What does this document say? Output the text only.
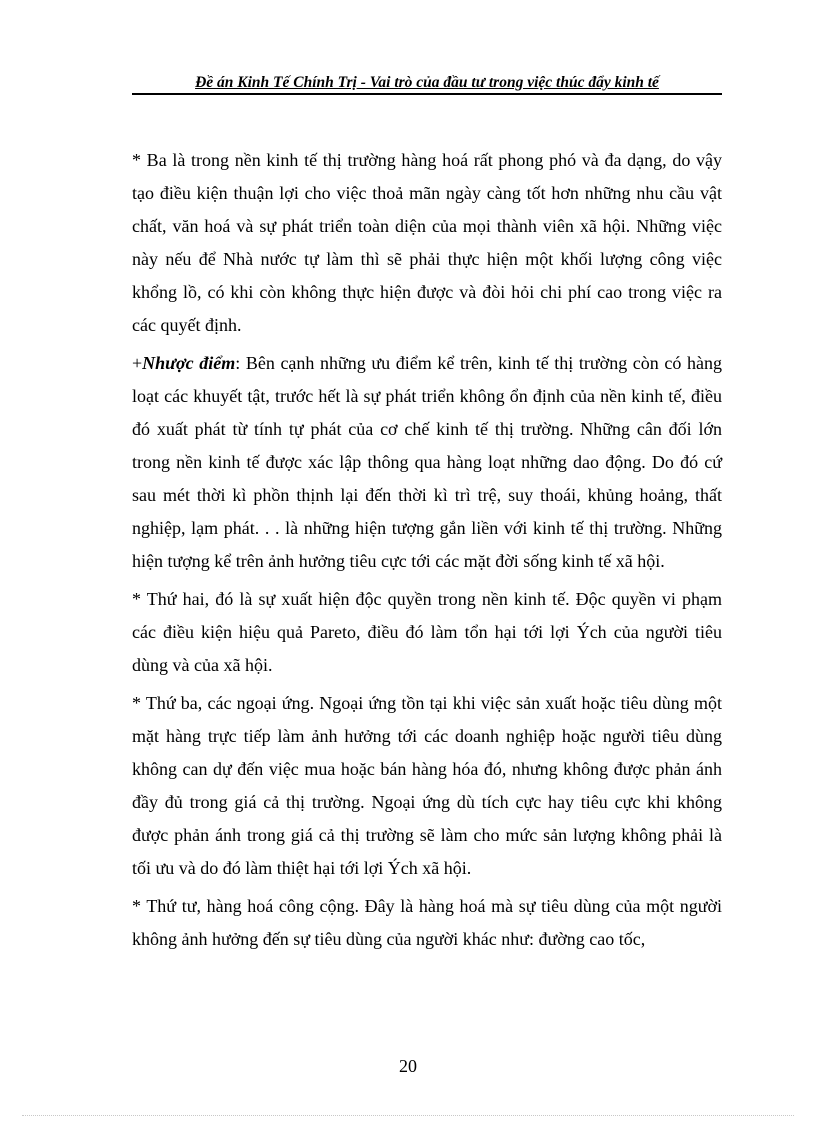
Đề án Kinh Tế Chính Trị - Vai trò của đầu tư trong việc thúc đẩy kinh tế

* Ba là trong nền kinh tế thị trường hàng hoá rất phong phó và đa dạng, do vậy tạo điều kiện thuận lợi cho việc thoả mãn ngày càng tốt hơn những nhu cầu vật chất, văn hoá và sự phát triển toàn diện của mọi thành viên xã hội. Những việc này nếu để Nhà nước tự làm thì sẽ phải thực hiện một khối lượng công việc khổng lồ, có khi còn không thực hiện được và đòi hỏi chi phí cao trong việc ra các quyết định.

+Nhược điểm: Bên cạnh những ưu điểm kể trên, kinh tế thị trường còn có hàng loạt các khuyết tật, trước hết là sự phát triển không ổn định của nền kinh tế, điều đó xuất phát từ tính tự phát của cơ chế kinh tế thị trường. Những cân đối lớn trong nền kinh tế được xác lập thông qua hàng loạt những dao động. Do đó cứ sau mét thời kì phồn thịnh lại đến thời kì trì trệ, suy thoái, khủng hoảng, thất nghiệp, lạm phát. . . là những hiện tượng gắn liền với kinh tế thị trường. Những hiện tượng kể trên ảnh hưởng tiêu cực tới các mặt đời sống kinh tế xã hội.

* Thứ hai, đó là sự xuất hiện độc quyền trong nền kinh tế. Độc quyền vi phạm các điều kiện hiệu quả Pareto, điều đó làm tổn hại tới lợi Ých của người tiêu dùng và của xã hội.

* Thứ ba, các ngoại ứng. Ngoại ứng tồn tại khi việc sản xuất hoặc tiêu dùng một mặt hàng trực tiếp làm ảnh hưởng tới các doanh nghiệp hoặc người tiêu dùng không can dự đến việc mua hoặc bán hàng hóa đó, nhưng không được phản ánh đầy đủ trong giá cả thị trường. Ngoại ứng dù tích cực hay tiêu cực khi không được phản ánh trong giá cả thị trường sẽ làm cho mức sản lượng không phải là tối ưu và do đó làm thiệt hại tới lợi Ých xã hội.

* Thứ tư, hàng hoá công cộng. Đây là hàng hoá mà sự tiêu dùng của một người không ảnh hưởng đến sự tiêu dùng của người khác như: đường cao tốc,

20
